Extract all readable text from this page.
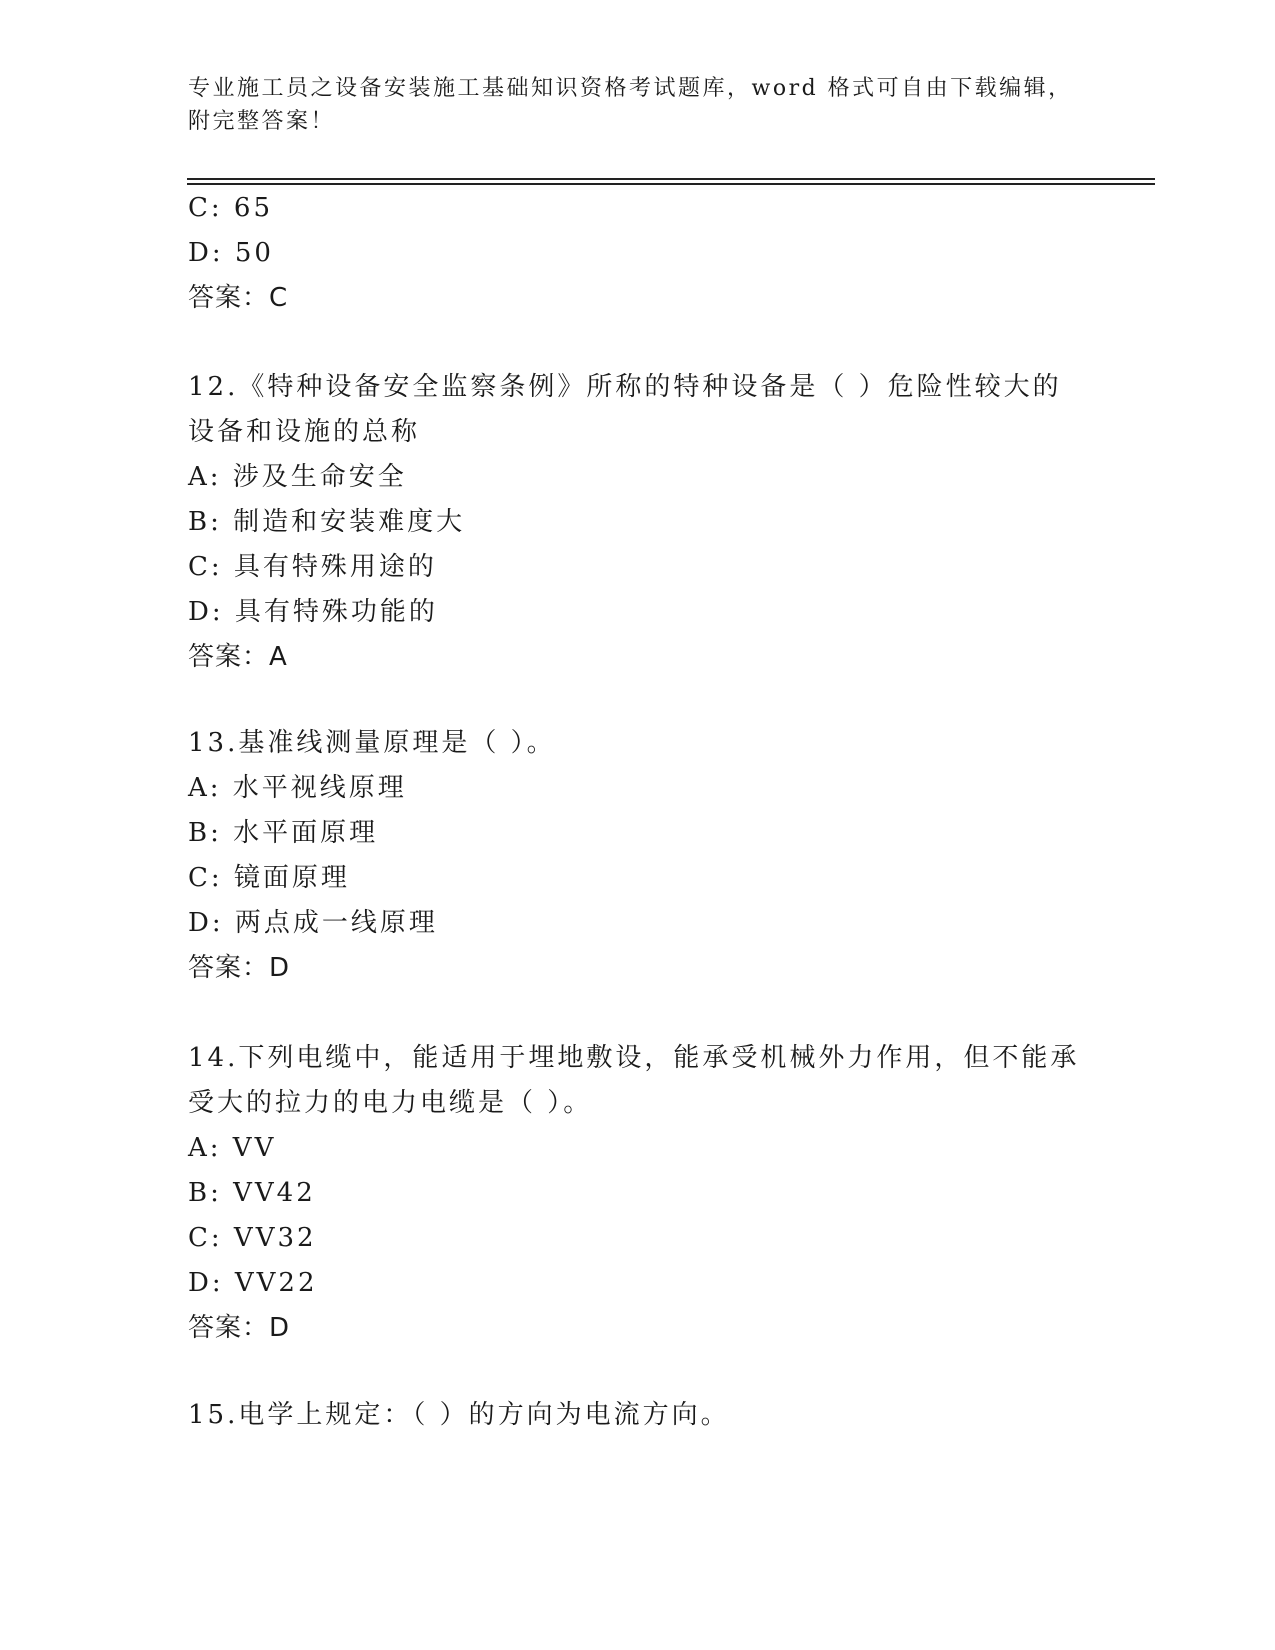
专业施工员之设备安装施工基础知识资格考试题库，word 格式可自由下载编辑，
附完整答案！
C: 65
D: 50
答案：C
12.《特种设备安全监察条例》所称的特种设备是（ ）危险性较大的
设备和设施的总称
A: 涉及生命安全
B: 制造和安装难度大
C: 具有特殊用途的
D: 具有特殊功能的
答案：A
13.基准线测量原理是（ ）。
A: 水平视线原理
B: 水平面原理
C: 镜面原理
D: 两点成一线原理
答案：D
14.下列电缆中，能适用于埋地敷设，能承受机械外力作用，但不能承
受大的拉力的电力电缆是（ ）。
A: VV
B: VV42
C: VV32
D: VV22
答案：D
15.电学上规定：（ ）的方向为电流方向。
